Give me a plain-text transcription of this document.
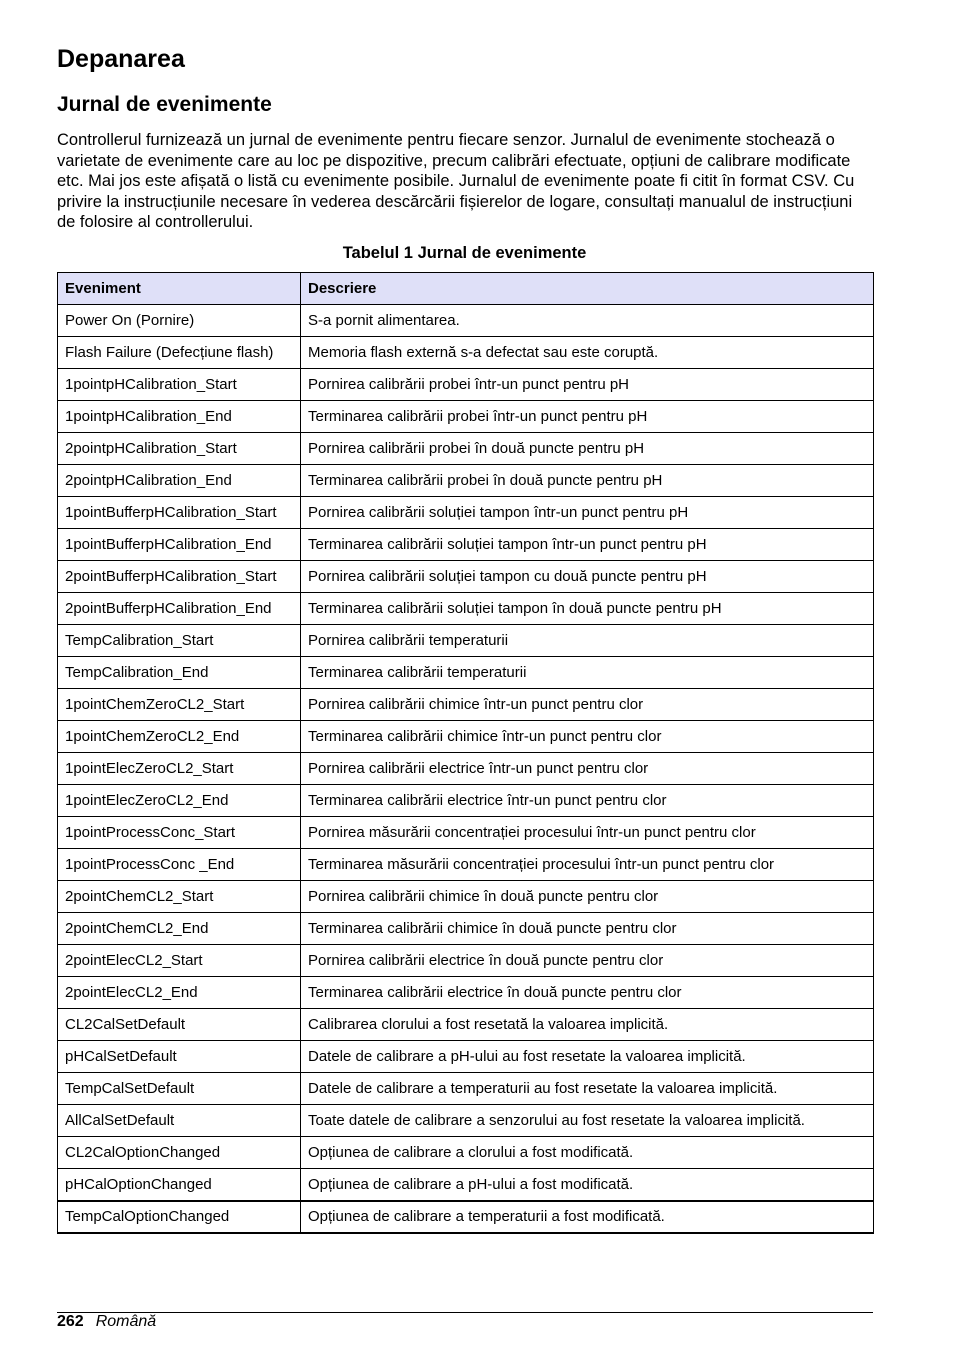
Depanarea
Jurnal de evenimente

Controllerul furnizează un jurnal de evenimente pentru fiecare senzor. Jurnalul de evenimente stochează o varietate de evenimente care au loc pe dispozitive, precum calibrări efectuate, opțiuni de calibrare modificate etc. Mai jos este afișată o listă cu evenimente posibile. Jurnalul de evenimente poate fi citit în format CSV. Cu privire la instrucțiunile necesare în vederea descărcării fișierelor de logare, consultați manualul de instrucțiuni de folosire al controllerului.

Tabelul 1 Jurnal de evenimente

Eveniment	Descriere
Power On (Pornire)	S-a pornit alimentarea.
Flash Failure (Defecțiune flash)	Memoria flash externă s-a defectat sau este coruptă.
1pointpHCalibration_Start	Pornirea calibrării probei într-un punct pentru pH
1pointpHCalibration_End	Terminarea calibrării probei într-un punct pentru pH
2pointpHCalibration_Start	Pornirea calibrării probei în două puncte pentru pH
2pointpHCalibration_End	Terminarea calibrării probei în două puncte pentru pH
1pointBufferpHCalibration_Start	Pornirea calibrării soluției tampon într-un punct pentru pH
1pointBufferpHCalibration_End	Terminarea calibrării soluției tampon într-un punct pentru pH
2pointBufferpHCalibration_Start	Pornirea calibrării soluției tampon cu două puncte pentru pH
2pointBufferpHCalibration_End	Terminarea calibrării soluției tampon în două puncte pentru pH
TempCalibration_Start	Pornirea calibrării temperaturii
TempCalibration_End	Terminarea calibrării temperaturii
1pointChemZeroCL2_Start	Pornirea calibrării chimice într-un punct pentru clor
1pointChemZeroCL2_End	Terminarea calibrării chimice într-un punct pentru clor
1pointElecZeroCL2_Start	Pornirea calibrării electrice într-un punct pentru clor
1pointElecZeroCL2_End	Terminarea calibrării electrice într-un punct pentru clor
1pointProcessConc_Start	Pornirea măsurării concentrației procesului într-un punct pentru clor
1pointProcessConc _End	Terminarea măsurării concentrației procesului într-un punct pentru clor
2pointChemCL2_Start	Pornirea calibrării chimice în două puncte pentru clor
2pointChemCL2_End	Terminarea calibrării chimice în două puncte pentru clor
2pointElecCL2_Start	Pornirea calibrării electrice în două puncte pentru clor
2pointElecCL2_End	Terminarea calibrării electrice în două puncte pentru clor
CL2CalSetDefault	Calibrarea clorului a fost resetată la valoarea implicită.
pHCalSetDefault	Datele de calibrare a pH-ului au fost resetate la valoarea implicită.
TempCalSetDefault	Datele de calibrare a temperaturii au fost resetate la valoarea implicită.
AllCalSetDefault	Toate datele de calibrare a senzorului au fost resetate la valoarea implicită.
CL2CalOptionChanged	Opțiunea de calibrare a clorului a fost modificată.
pHCalOptionChanged	Opțiunea de calibrare a pH-ului a fost modificată.
TempCalOptionChanged	Opțiunea de calibrare a temperaturii a fost modificată.
262 Română
